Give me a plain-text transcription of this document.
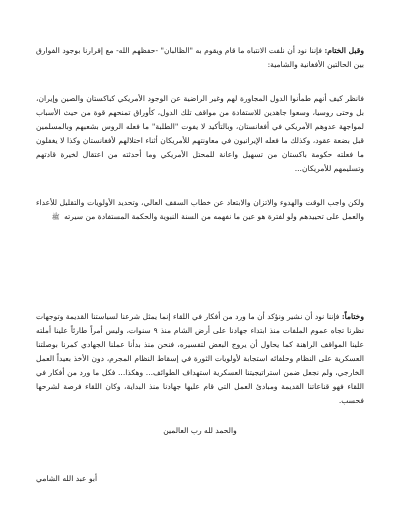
وقبل الختام: فإننا نود أن نلفت الانتباه ما قام ويقوم به "الظالبان" -حفظهم الله- مع إقرارنا بوجود الفوارق بين الحالتين الأفغانية والشامية:

فانظر كيف أنهم طمأنوا الدول المجاورة لهم وغير الراضية عن الوجود الأمريكي كباكستان والصين وإيران، بل وحتى روسيا، وسعوا جاهدين للاستفادة من مواقف تلك الدول، كأوراق تمنحهم قوة من حيث الأسباب لمواجهة عدوهم الأمريكي في أفغانستان، وبالتأكيد لا يفوت "الطلبة" ما فعله الروس بشعبهم وبالمسلمين قبل بضعة عقود، وكذلك ما فعله الإيرانيون في معاونتهم للأمريكان أثناء احتلالهم لأفغانستان وكذا لا يغفلون ما فعلته حكومة باكستان من تسهيل واعانة للمحتل الأمريكي وما أحدثته من اعتقال لخيرة قادتهم وتسليمهم للأمريكان...

ولكن واجب الوقت والهدوء والاتزان والابتعاد عن خطاب السقف العالي، وتحديد الأولويات والتقليل للأعداء والعمل على تحييدهم ولو لفترة هو عين ما نفهمه من السنة النبوية والحكمة المستفادة من سيرته ﷺ

وختاماً: فإننا نود أن نشير ونؤكد أن ما ورد من أفكار في اللقاء إنما يمثل شرعنا لسياستنا القديمة وتوجهات نظرنا تجاه عموم الملفات منذ ابتداء جهادنا على أرض الشام منذ ٩ سنوات، وليس أمراً طارئاً علينا أملته علينا المواقف الراهنة كما يحاول أن يروج البعض لتفسيره، فنحن منذ بدأنا عملنا الجهادي كمرنا بوصلتنا العسكرية على النظام وحلفائه استجابة لأولويات الثورة في إسقاط النظام المجرم، دون الأخذ بعيداً العمل الخارجي، ولم نجعل ضمن استراتيجيتنا العسكرية استهداف الطوائف... وهكذا... فكل ما ورد من أفكار في اللقاء فهو قناعاتنا القديمة ومبادئ العمل التي قام عليها جهادنا منذ البداية، وكان اللقاء فرصة لشرحها فحسب.

والحمد لله رب العالمين

أبو عبد الله الشامي
